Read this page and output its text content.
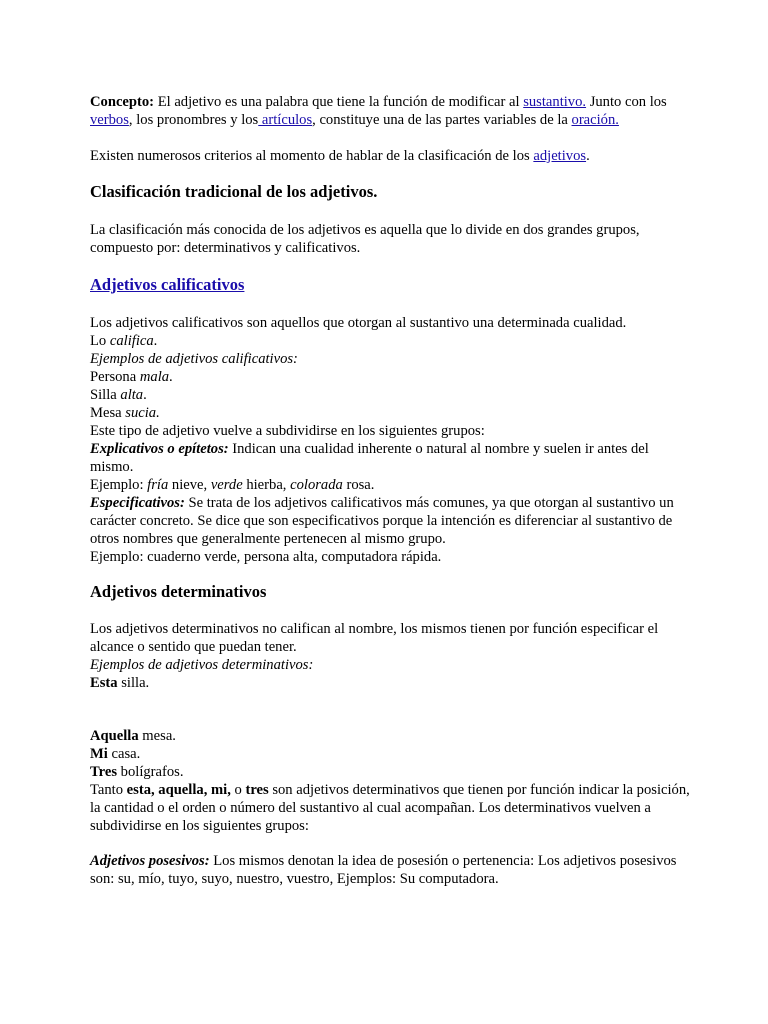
Concepto: El adjetivo es una palabra que tiene la función de modificar al sustantivo. Junto con los verbos, los pronombres y los artículos, constituye una de las partes variables de la oración.

Existen numerosos criterios al momento de hablar de la clasificación de los adjetivos.

Clasificación tradicional de los adjetivos.

La clasificación más conocida de los adjetivos es aquella que lo divide en dos grandes grupos, compuesto por: determinativos y calificativos.

Adjetivos calificativos

Los adjetivos calificativos son aquellos que otorgan al sustantivo una determinada cualidad.

Lo califica.

Ejemplos de adjetivos calificativos:

Persona mala.

Silla alta.

Mesa sucia.

Este tipo de adjetivo vuelve a subdividirse en los siguientes grupos:

Explicativos o epítetos: Indican una cualidad inherente o natural al nombre y suelen ir antes del mismo.

Ejemplo: fría nieve, verde hierba, colorada rosa.

Especificativos: Se trata de los adjetivos calificativos más comunes, ya que otorgan al sustantivo un carácter concreto. Se dice que son especificativos porque la intención es diferenciar al sustantivo de otros nombres que generalmente pertenecen al mismo grupo.

Ejemplo: cuaderno verde, persona alta, computadora rápida.

Adjetivos determinativos

Los adjetivos determinativos no califican al nombre, los mismos tienen por función especificar el alcance o sentido que puedan tener.

Ejemplos de adjetivos determinativos:

Esta silla.

Aquella mesa.

Mi casa.

Tres bolígrafos.

Tanto esta, aquella, mi, o tres son adjetivos determinativos que tienen por función indicar la posición, la cantidad o el orden o número del sustantivo al cual acompañan. Los determinativos vuelven a subdividirse en los siguientes grupos:

Adjetivos posesivos: Los mismos denotan la idea de posesión o pertenencia: Los adjetivos posesivos son: su, mío, tuyo, suyo, nuestro, vuestro, Ejemplos: Su computadora.
